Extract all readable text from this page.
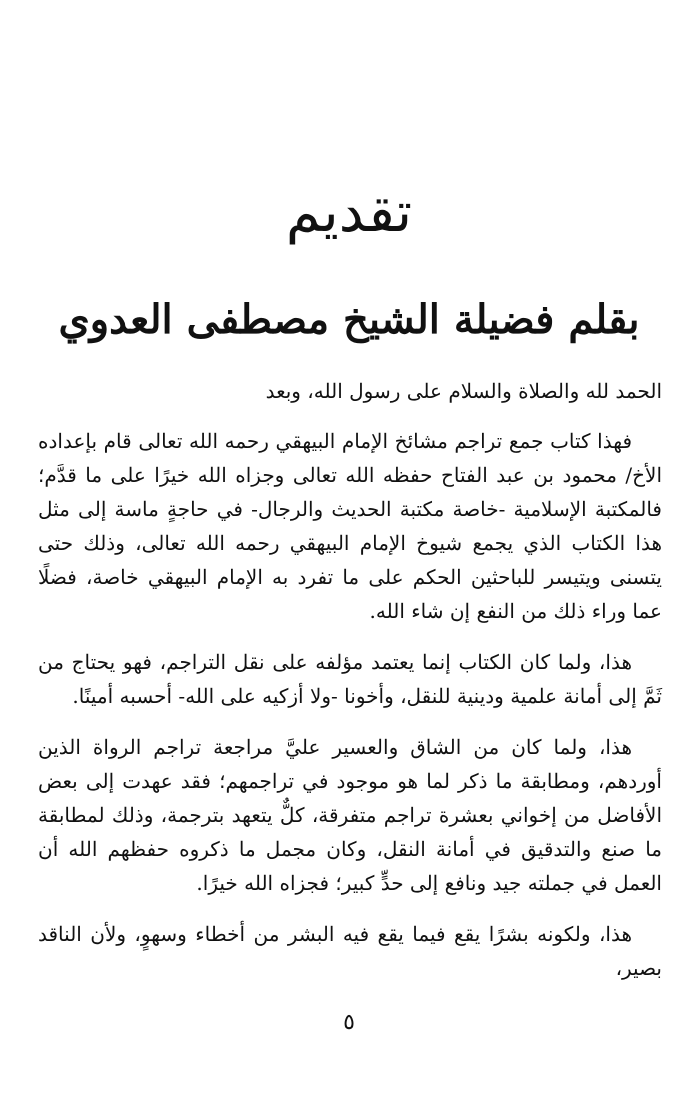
تقديم
بقلم فضيلة الشيخ مصطفى العدوي

الحمد لله والصلاة والسلام على رسول الله، وبعد

فهذا كتاب جمع تراجم مشائخ الإمام البيهقي رحمه الله تعالى قام بإعداده الأخ/ محمود بن عبد الفتاح حفظه الله تعالى وجزاه الله خيرًا على ما قدَّم؛ فالمكتبة الإسلامية -خاصة مكتبة الحديث والرجال- في حاجةٍ ماسة إلى مثل هذا الكتاب الذي يجمع شيوخ الإمام البيهقي رحمه الله تعالى، وذلك حتى يتسنى ويتيسر للباحثين الحكم على ما تفرد به الإمام البيهقي خاصة، فضلًا عما وراء ذلك من النفع إن شاء الله.

هذا، ولما كان الكتاب إنما يعتمد مؤلفه على نقل التراجم، فهو يحتاج من ثَمَّ إلى أمانة علمية ودينية للنقل، وأخونا -ولا أزكيه على الله- أحسبه أمينًا.

هذا، ولما كان من الشاق والعسير عليَّ مراجعة تراجم الرواة الذين أوردهم، ومطابقة ما ذكر لما هو موجود في تراجمهم؛ فقد عهدت إلى بعض الأفاضل من إخواني بعشرة تراجم متفرقة، كلٌّ يتعهد بترجمة، وذلك لمطابقة ما صنع والتدقيق في أمانة النقل، وكان مجمل ما ذكروه حفظهم الله أن العمل في جملته جيد ونافع إلى حدٍّ كبير؛ فجزاه الله خيرًا.

هذا، ولكونه بشرًا يقع فيما يقع فيه البشر من أخطاء وسهوٍ، ولأن الناقد بصير،

٥
